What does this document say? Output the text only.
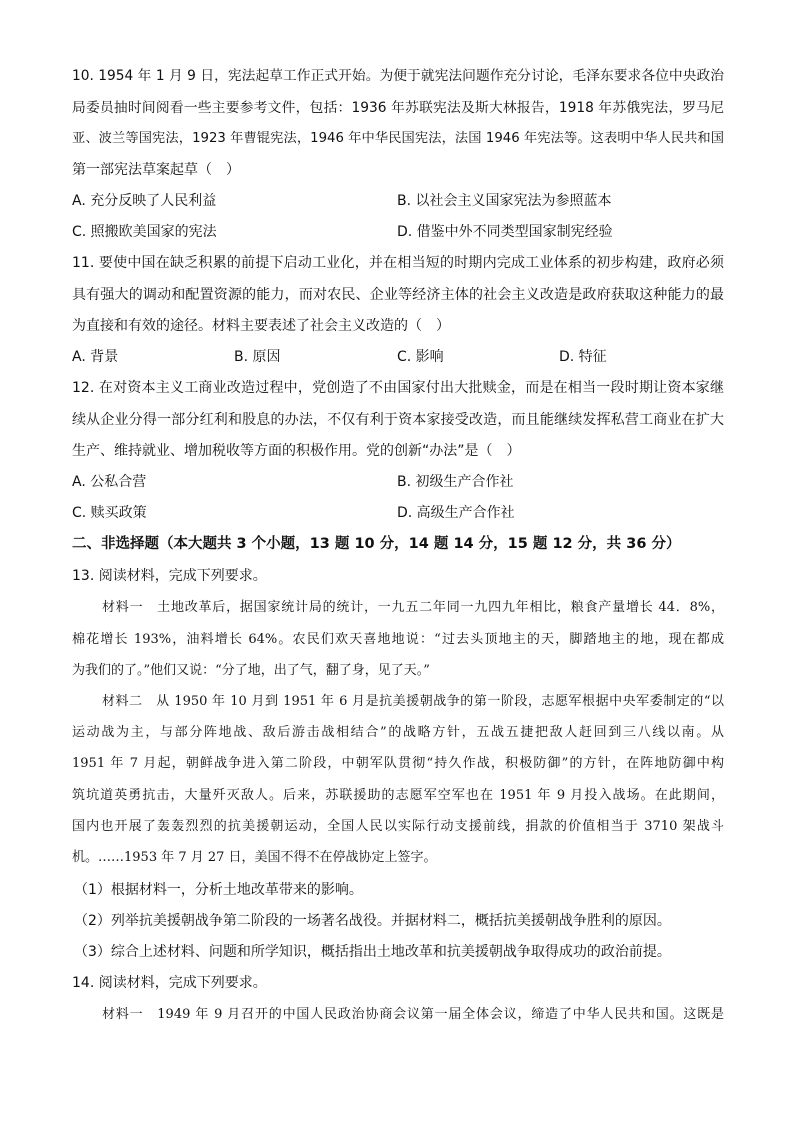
10. 1954 年 1 月 9 日，宪法起草工作正式开始。为便于就宪法问题作充分讨论，毛泽东要求各位中央政治
局委员抽时间阅看一些主要参考文件，包括：1936 年苏联宪法及斯大林报告，1918 年苏俄宪法，罗马尼
亚、波兰等国宪法，1923 年曹锟宪法，1946 年中华民国宪法，法国 1946 年宪法等。这表明中华人民共和国
第一部宪法草案起草（　）
A. 充分反映了人民利益	B. 以社会主义国家宪法为参照蓝本
C. 照搬欧美国家的宪法	D. 借鉴中外不同类型国家制宪经验
11. 要使中国在缺乏积累的前提下启动工业化，并在相当短的时期内完成工业体系的初步构建，政府必须
具有强大的调动和配置资源的能力，而对农民、企业等经济主体的社会主义改造是政府获取这种能力的最
为直接和有效的途径。材料主要表述了社会主义改造的（　）
A. 背景	B. 原因	C. 影响	D. 特征
12. 在对资本主义工商业改造过程中，党创造了不由国家付出大批赎金，而是在相当一段时期让资本家继
续从企业分得一部分红利和股息的办法，不仅有利于资本家接受改造，而且能继续发挥私营工商业在扩大
生产、维持就业、增加税收等方面的积极作用。党的创新“办法”是（　）
A. 公私合营	B. 初级生产合作社
C. 赎买政策	D. 高级生产合作社
二、非选择题（本大题共 3 个小题，13 题 10 分，14 题 14 分，15 题 12 分，共 36 分）
13. 阅读材料，完成下列要求。
材料一　土地改革后，据国家统计局的统计，一九五二年同一九四九年相比，粮食产量增长 44．8%，
棉花增长 193%，油料增长 64%。农民们欢天喜地地说：“过去头顶地主的天，脚踏地主的地，现在都成
为我们的了。”他们又说：“分了地，出了气，翻了身，见了天。”
材料二　从 1950 年 10 月到 1951 年 6 月是抗美援朝战争的第一阶段，志愿军根据中央军委制定的“以
运动战为主，与部分阵地战、敌后游击战相结合”的战略方针，五战五捷把敌人赶回到三八线以南。从
1951 年 7 月起，朝鲜战争进入第二阶段，中朝军队贯彻“持久作战，积极防御”的方针，在阵地防御中构
筑坑道英勇抗击，大量歼灭敌人。后来，苏联援助的志愿军空军也在 1951 年 9 月投入战场。在此期间，
国内也开展了轰轰烈烈的抗美援朝运动，全国人民以实际行动支援前线，捐款的价值相当于 3710 架战斗
机。……1953 年 7 月 27 日，美国不得不在停战协定上签字。
（1）根据材料一，分析土地改革带来的影响。
（2）列举抗美援朝战争第二阶段的一场著名战役。并据材料二，概括抗美援朝战争胜利的原因。
（3）综合上述材料、问题和所学知识，概括指出土地改革和抗美援朝战争取得成功的政治前提。
14. 阅读材料，完成下列要求。
材料一　1949 年 9 月召开的中国人民政治协商会议第一届全体会议，缔造了中华人民共和国。这既是
